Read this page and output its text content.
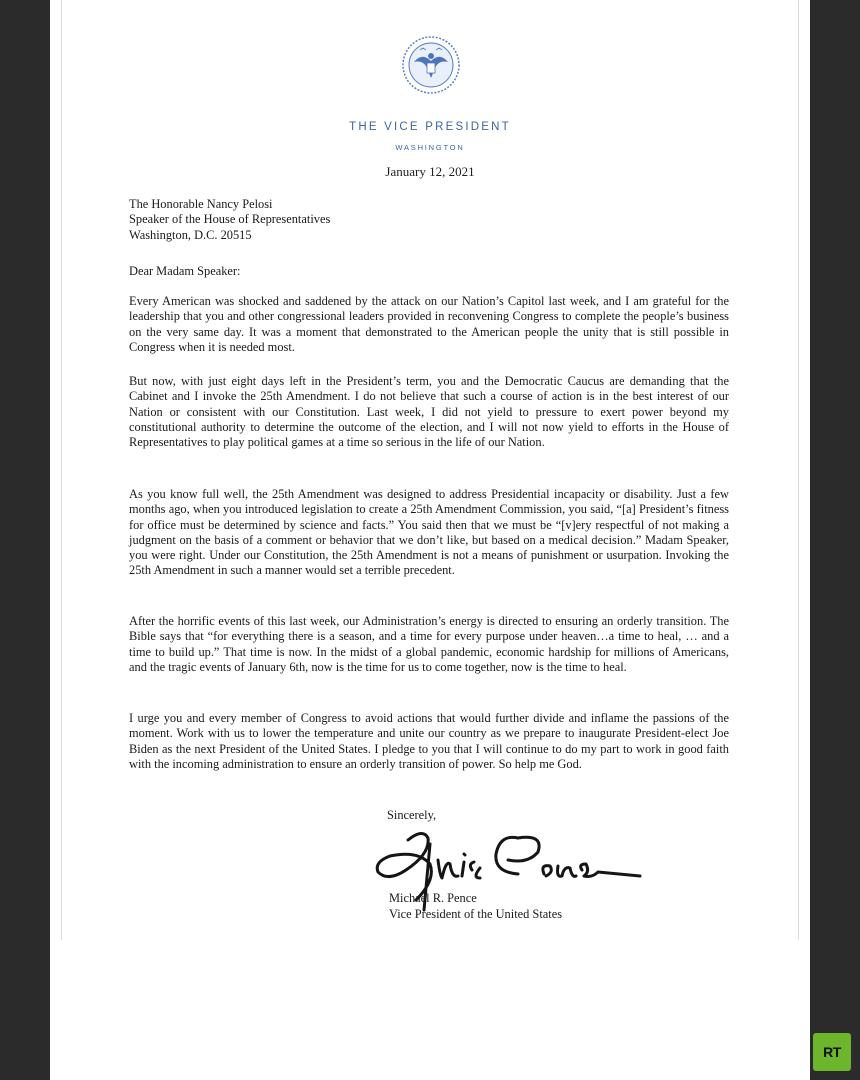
THE VICE PRESIDENT
WASHINGTON
January 12, 2021
The Honorable Nancy Pelosi
Speaker of the House of Representatives
Washington, D.C. 20515
Dear Madam Speaker:
Every American was shocked and saddened by the attack on our Nation’s Capitol last week, and I am grateful for the leadership that you and other congressional leaders provided in reconvening Congress to complete the people’s business on the very same day. It was a moment that demonstrated to the American people the unity that is still possible in Congress when it is needed most.
But now, with just eight days left in the President’s term, you and the Democratic Caucus are demanding that the Cabinet and I invoke the 25th Amendment. I do not believe that such a course of action is in the best interest of our Nation or consistent with our Constitution. Last week, I did not yield to pressure to exert power beyond my constitutional authority to determine the outcome of the election, and I will not now yield to efforts in the House of Representatives to play political games at a time so serious in the life of our Nation.
As you know full well, the 25th Amendment was designed to address Presidential incapacity or disability. Just a few months ago, when you introduced legislation to create a 25th Amendment Commission, you said, “[a] President’s fitness for office must be determined by science and facts.” You said then that we must be “[v]ery respectful of not making a judgment on the basis of a comment or behavior that we don’t like, but based on a medical decision.” Madam Speaker, you were right. Under our Constitution, the 25th Amendment is not a means of punishment or usurpation. Invoking the 25th Amendment in such a manner would set a terrible precedent.
After the horrific events of this last week, our Administration’s energy is directed to ensuring an orderly transition. The Bible says that “for everything there is a season, and a time for every purpose under heaven…a time to heal, … and a time to build up.” That time is now. In the midst of a global pandemic, economic hardship for millions of Americans, and the tragic events of January 6th, now is the time for us to come together, now is the time to heal.
I urge you and every member of Congress to avoid actions that would further divide and inflame the passions of the moment. Work with us to lower the temperature and unite our country as we prepare to inaugurate President-elect Joe Biden as the next President of the United States. I pledge to you that I will continue to do my part to work in good faith with the incoming administration to ensure an orderly transition of power. So help me God.
Sincerely,
Michael R. Pence
Vice President of the United States
RT
